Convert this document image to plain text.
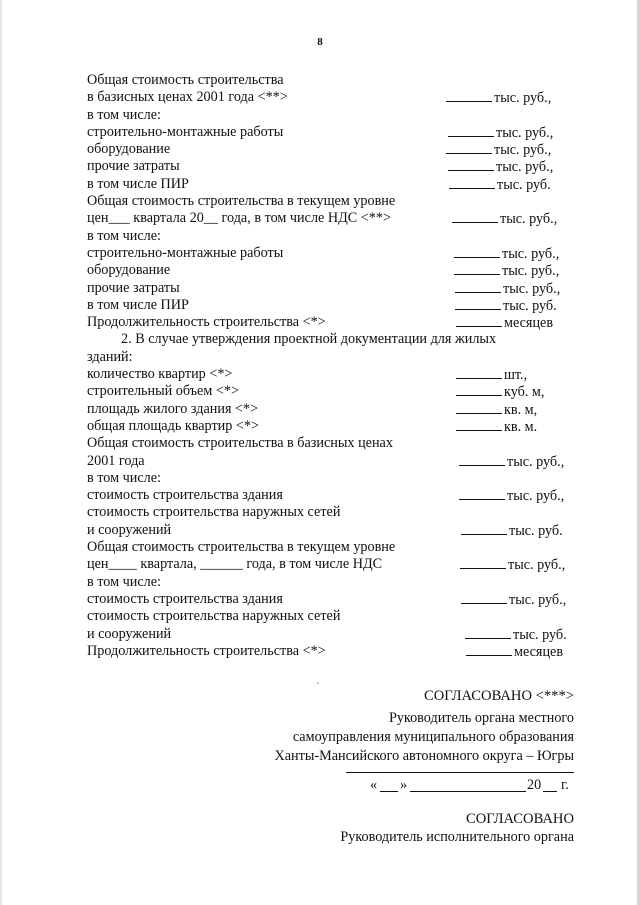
8
Общая стоимость строительства
в базисных ценах 2001 года <**>	тыс. руб.,
в том числе:
строительно-монтажные работы	тыс. руб.,
оборудование	тыс. руб.,
прочие затраты	тыс. руб.,
в том числе ПИР	тыс. руб.
Общая стоимость строительства в текущем уровне
цен___ квартала 20__ года, в том числе НДС <**>	тыс. руб.,
в том числе:
строительно-монтажные работы	тыс. руб.,
оборудование	тыс. руб.,
прочие затраты	тыс. руб.,
в том числе ПИР	тыс. руб.
Продолжительность строительства <*>	месяцев
2. В случае утверждения проектной документации для жилых
зданий:
количество квартир <*>	шт.,
строительный объем <*>	куб. м,
площадь жилого здания <*>	кв. м,
общая площадь квартир <*>	кв. м.
Общая стоимость строительства в базисных ценах
2001 года	тыс. руб.,
в том числе:
стоимость строительства здания	тыс. руб.,
стоимость строительства наружных сетей
и сооружений	тыс. руб.
Общая стоимость строительства в текущем уровне
цен____ квартала, ______ года, в том числе НДС	тыс. руб.,
в том числе:
стоимость строительства здания	тыс. руб.,
стоимость строительства наружных сетей
и сооружений	тыс. руб.
Продолжительность строительства <*>	месяцев
СОГЛАСОВАНО <***>
Руководитель органа местного
самоуправления муниципального образования
Ханты-Мансийского автономного округа – Югры
« »	20 г.
СОГЛАСОВАНО
Руководитель исполнительного органа
